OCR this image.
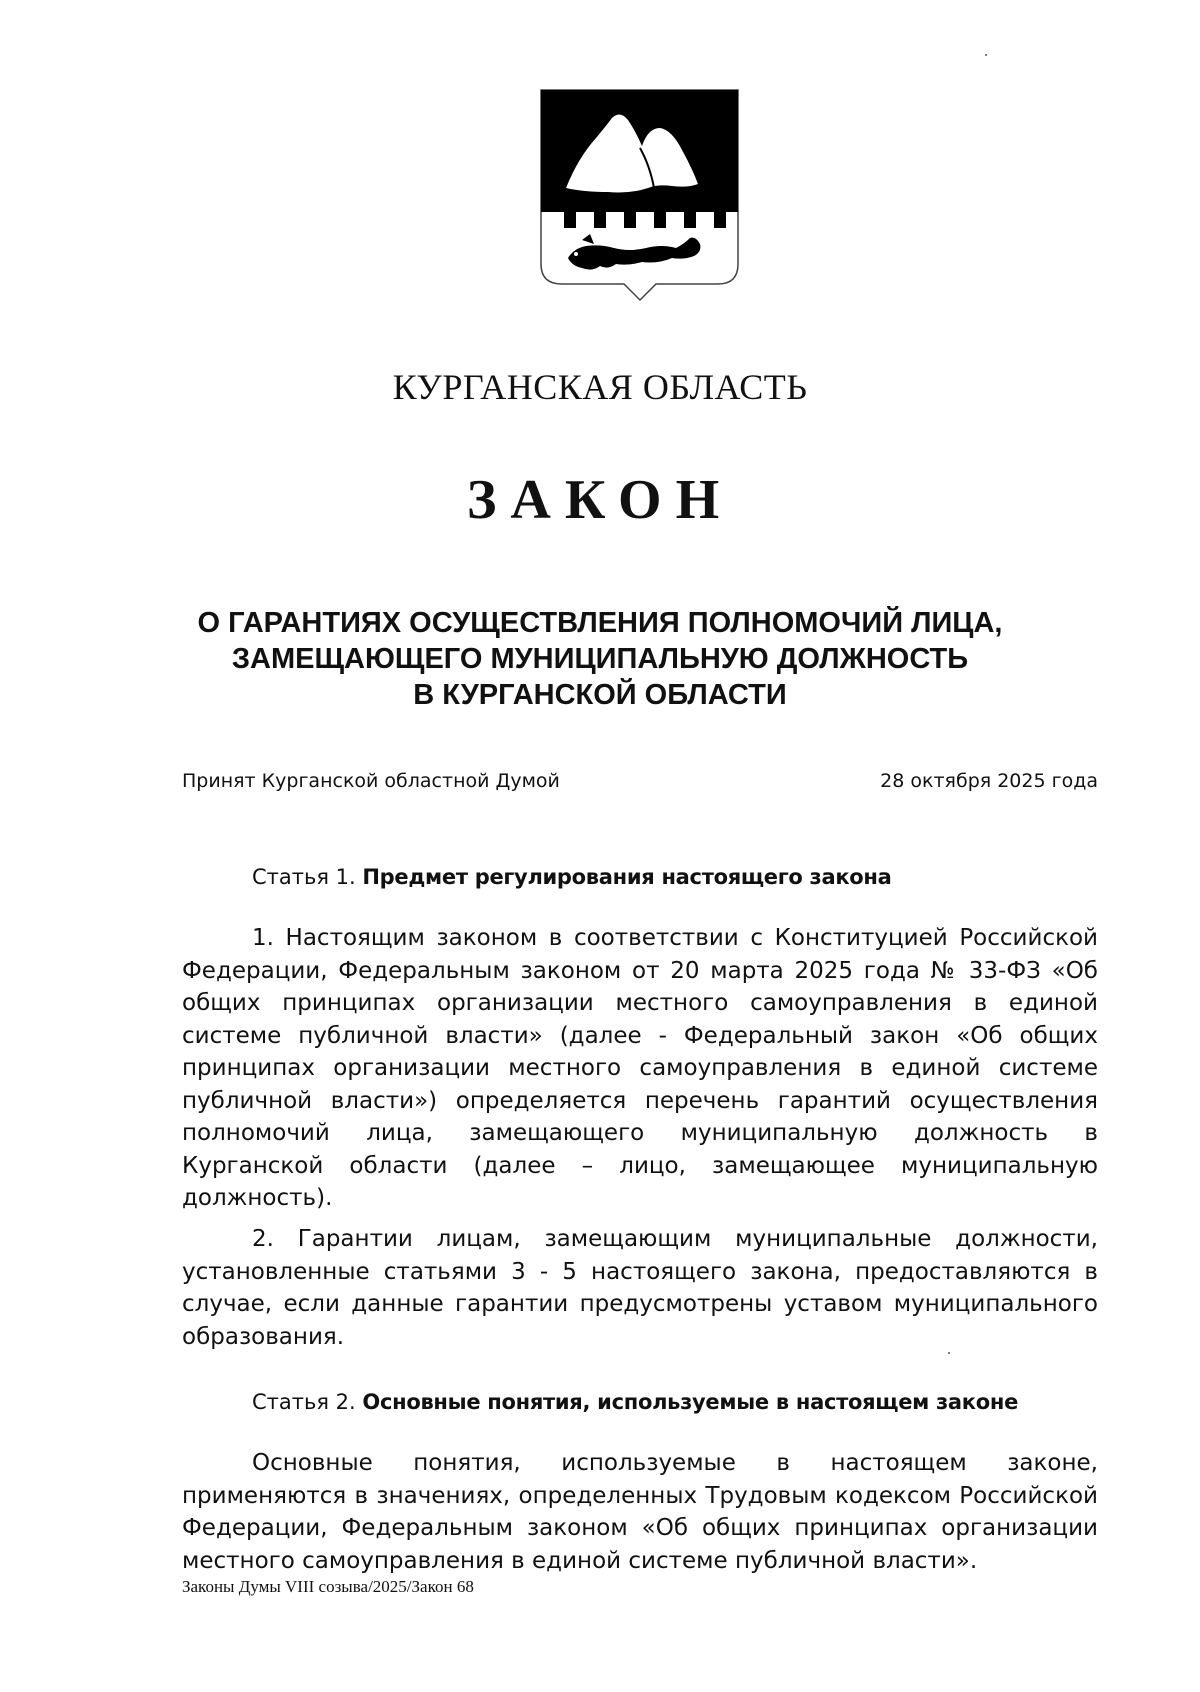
КУРГАНСКАЯ ОБЛАСТЬ
ЗАКОН
О ГАРАНТИЯХ ОСУЩЕСТВЛЕНИЯ ПОЛНОМОЧИЙ ЛИЦА,
ЗАМЕЩАЮЩЕГО МУНИЦИПАЛЬНУЮ ДОЛЖНОСТЬ
В КУРГАНСКОЙ ОБЛАСТИ
Принят Курганской областной Думой	28 октября 2025 года
Статья 1. Предмет регулирования настоящего закона

1. Настоящим законом в соответствии с Конституцией Российской Федерации, Федеральным законом от 20 марта 2025 года № 33-ФЗ «Об общих принципах организации местного самоуправления в единой системе публичной власти» (далее - Федеральный закон «Об общих принципах организации местного самоуправления в единой системе публичной власти») определяется перечень гарантий осуществления полномочий лица, замещающего муниципальную должность в Курганской области (далее – лицо, замещающее муниципальную должность).

2. Гарантии лицам, замещающим муниципальные должности, установленные статьями 3 - 5 настоящего закона, предоставляются в случае, если данные гарантии предусмотрены уставом муниципального образования.

Статья 2. Основные понятия, используемые в настоящем законе

Основные понятия, используемые в настоящем законе, применяются в значениях, определенных Трудовым кодексом Российской Федерации, Федеральным законом «Об общих принципах организации местного самоуправления в единой системе публичной власти».

Законы Думы VIII созыва/2025/Закон 68
